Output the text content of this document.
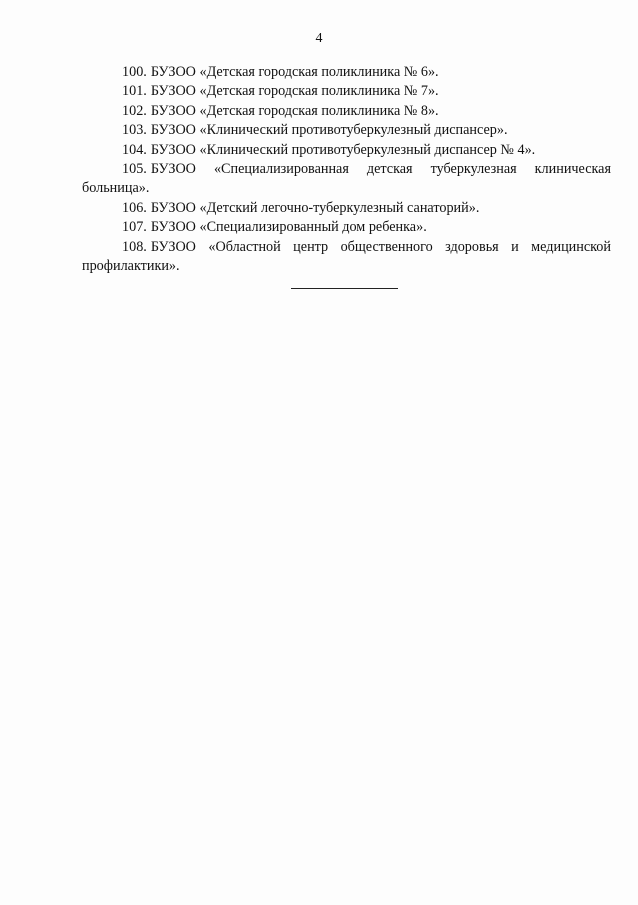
4
100. БУЗОО «Детская городская поликлиника № 6».
101. БУЗОО «Детская городская поликлиника № 7».
102. БУЗОО «Детская городская поликлиника № 8».
103. БУЗОО «Клинический противотуберкулезный диспансер».
104. БУЗОО «Клинический противотуберкулезный диспансер № 4».
105. БУЗОО «Специализированная детская туберкулезная клиническая больница».
106. БУЗОО «Детский легочно-туберкулезный санаторий».
107. БУЗОО «Специализированный дом ребенка».
108. БУЗОО «Областной центр общественного здоровья и медицинской профилактики».
